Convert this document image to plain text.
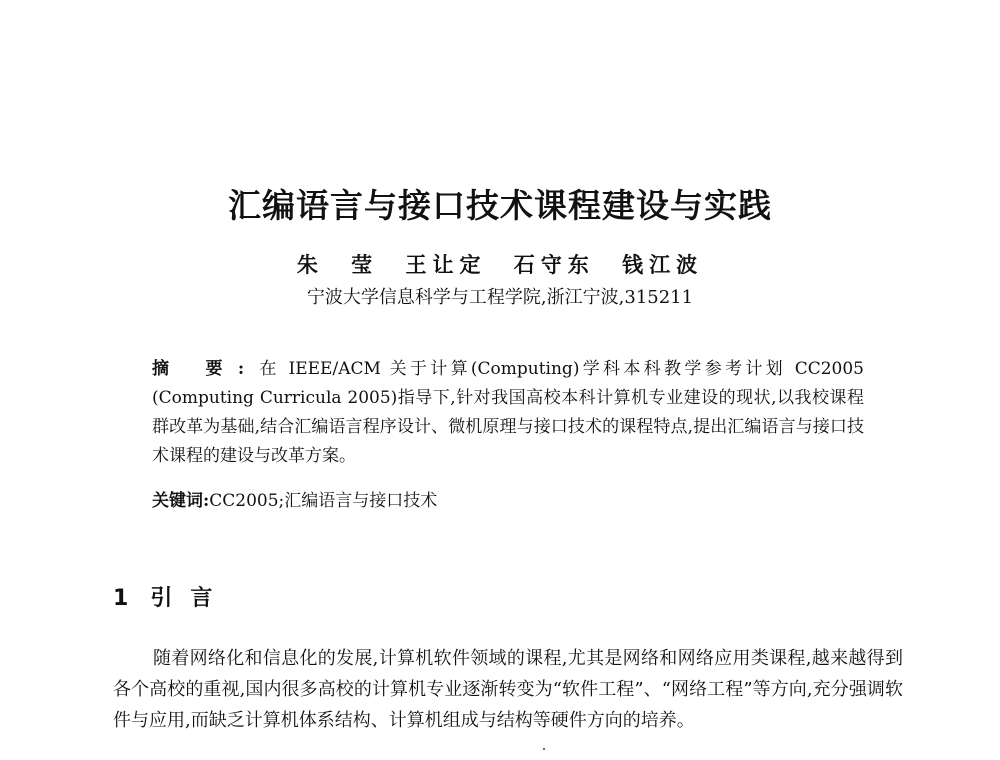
汇编语言与接口技术课程建设与实践
朱 莹 王让定 石守东 钱江波
宁波大学信息科学与工程学院,浙江宁波,315211
摘 要:在 IEEE/ACM 关于计算(Computing)学科本科教学参考计划 CC2005 (Computing Curricula 2005)指导下,针对我国高校本科计算机专业建设的现状,以我校课程群改革为基础,结合汇编语言程序设计、微机原理与接口技术的课程特点,提出汇编语言与接口技术课程的建设与改革方案。
关键词:CC2005;汇编语言与接口技术
1 引言
随着网络化和信息化的发展,计算机软件领域的课程,尤其是网络和网络应用类课程,越来越得到各个高校的重视,国内很多高校的计算机专业逐渐转变为“软件工程”、“网络工程”等方向,充分强调软件与应用,而缺乏计算机体系结构、计算机组成与结构等硬件方向的培养。
